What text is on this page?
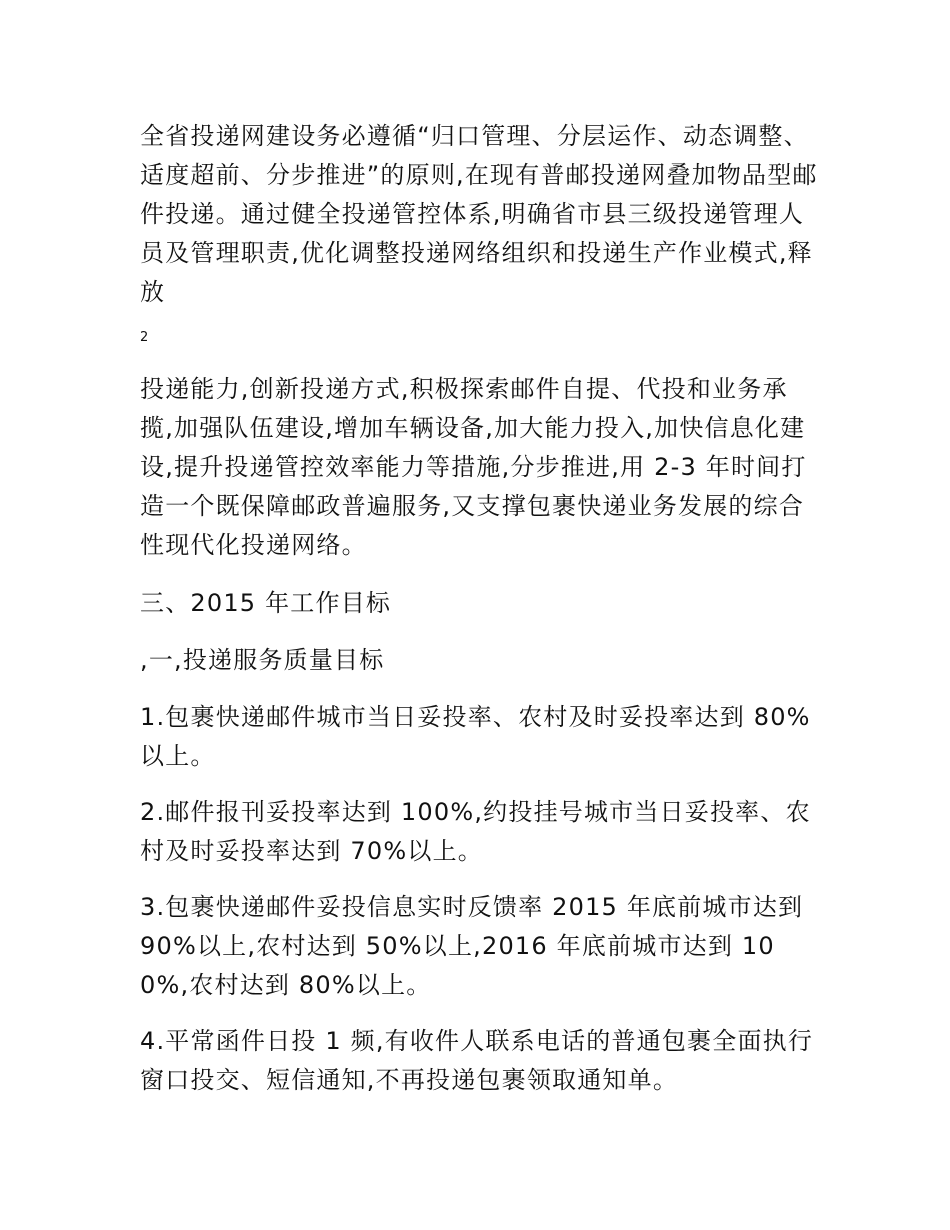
全省投递网建设务必遵循“归口管理、分层运作、动态调整、适度超前、分步推进”的原则,在现有普邮投递网叠加物品型邮件投递。通过健全投递管控体系,明确省市县三级投递管理人员及管理职责,优化调整投递网络组织和投递生产作业模式,释放

2

投递能力,创新投递方式,积极探索邮件自提、代投和业务承揽,加强队伍建设,增加车辆设备,加大能力投入,加快信息化建设,提升投递管控效率能力等措施,分步推进,用 2-3 年时间打造一个既保障邮政普遍服务,又支撑包裹快递业务发展的综合性现代化投递网络。

三、2015 年工作目标

,一,投递服务质量目标

1.包裹快递邮件城市当日妥投率、农村及时妥投率达到 80%以上。

2.邮件报刊妥投率达到 100%,约投挂号城市当日妥投率、农村及时妥投率达到 70%以上。

3.包裹快递邮件妥投信息实时反馈率 2015 年底前城市达到 90%以上,农村达到 50%以上,2016 年底前城市达到 100%,农村达到 80%以上。

4.平常函件日投 1 频,有收件人联系电话的普通包裹全面执行窗口投交、短信通知,不再投递包裹领取通知单。
